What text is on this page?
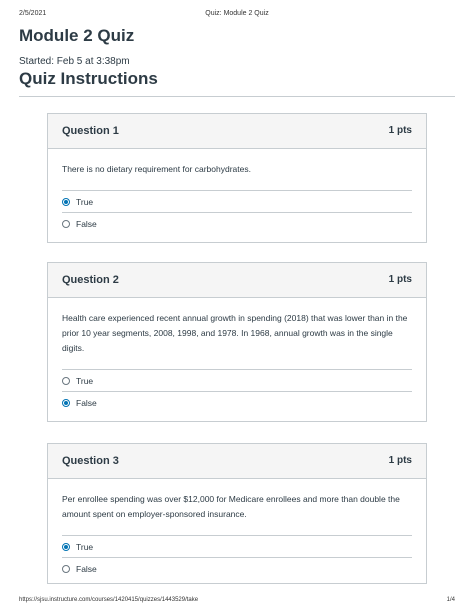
2/5/2021	Quiz: Module 2 Quiz
Module 2 Quiz
Started: Feb 5 at 3:38pm
Quiz Instructions
Question 1	1 pts
There is no dietary requirement for carbohydrates.
True
False
Question 2	1 pts
Health care experienced recent annual growth in spending (2018) that was lower than in the prior 10 year segments, 2008, 1998, and 1978. In 1968, annual growth was in the single digits.
True
False
Question 3	1 pts
Per enrollee spending was over $12,000 for Medicare enrollees and more than double the amount spent on employer-sponsored insurance.
True
False
https://sjsu.instructure.com/courses/1420415/quizzes/1443529/take	1/4
